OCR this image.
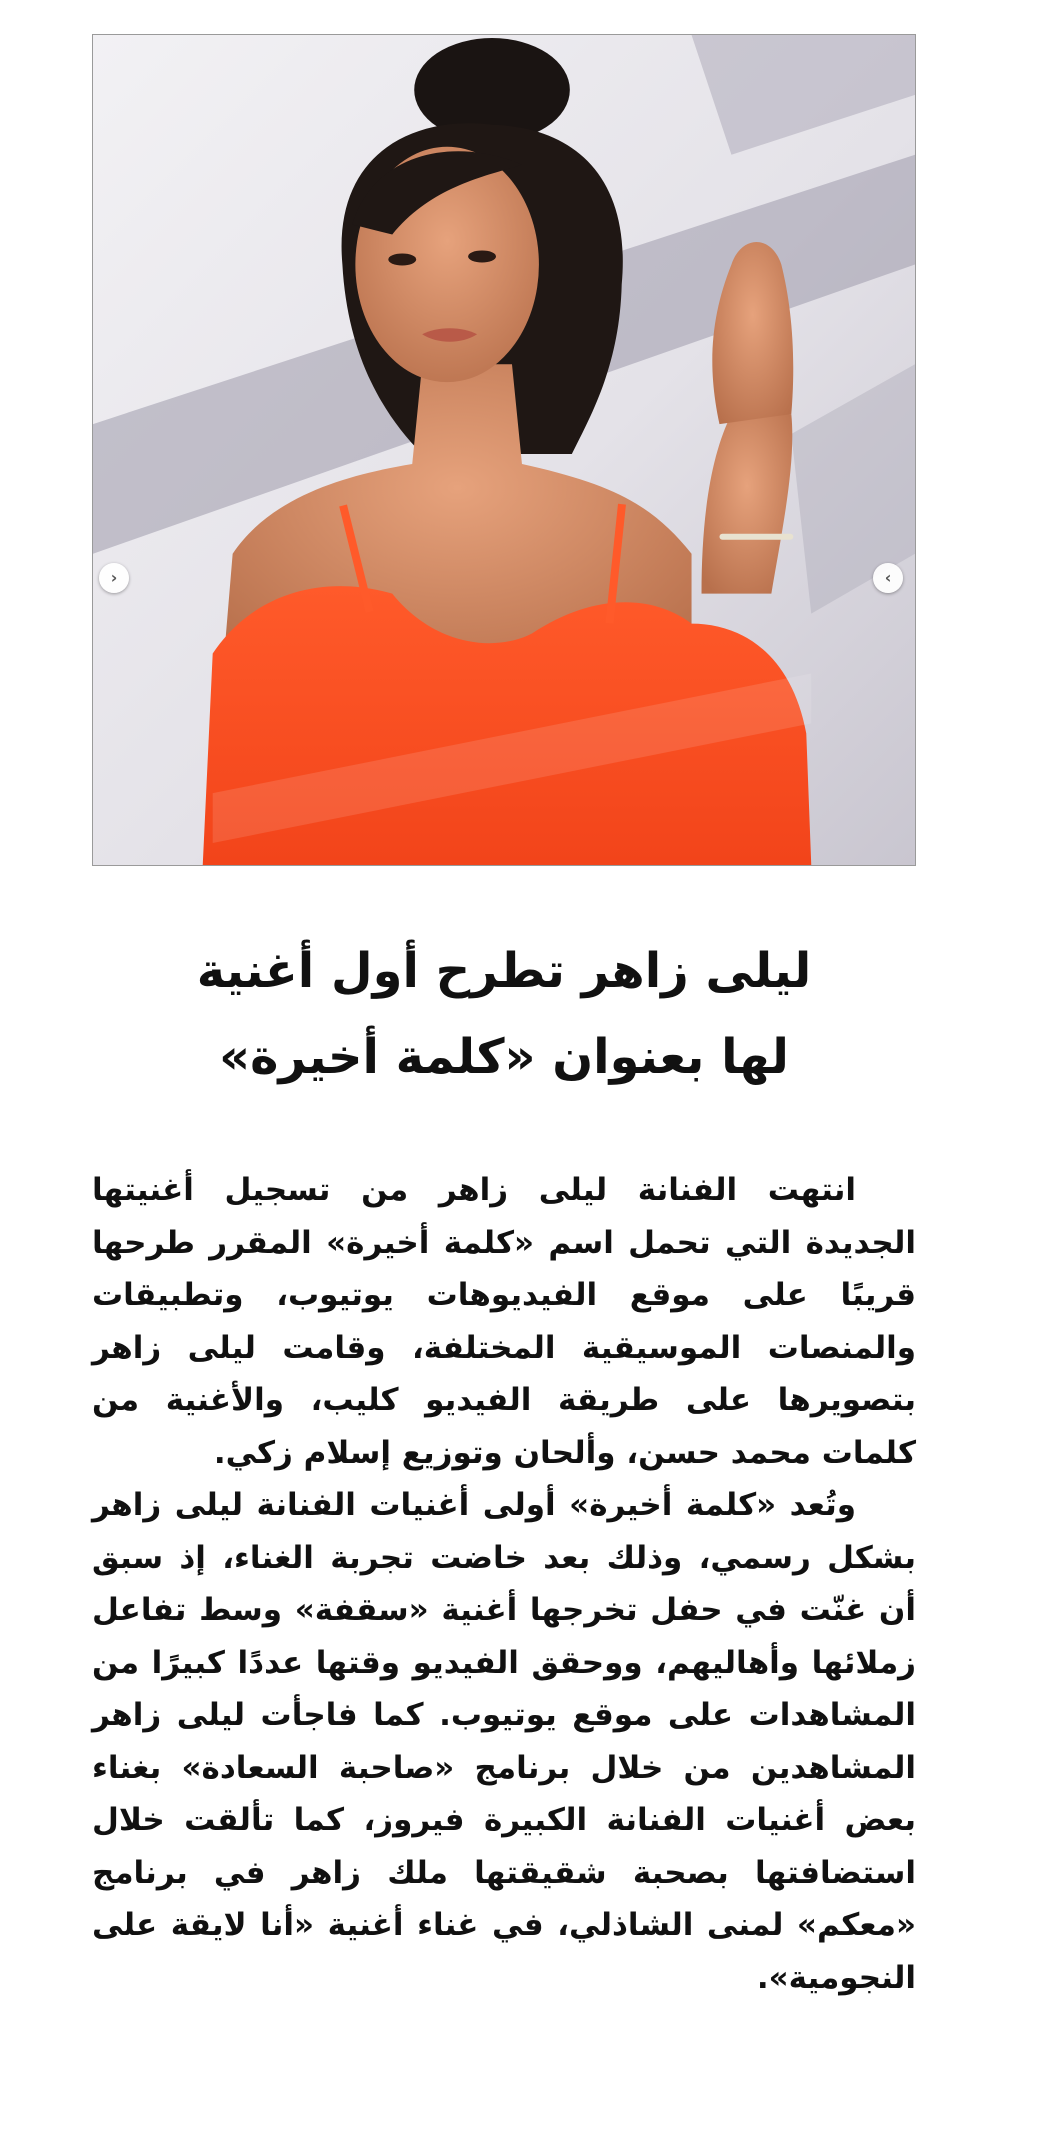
‹	›
ليلى زاهر تطرح أول أغنية
لها بعنوان «كلمة أخيرة»

انتهت الفنانة ليلى زاهر من تسجيل أغنيتها الجديدة التي تحمل اسم «كلمة أخيرة» المقرر طرحها قريبًا على موقع الفيديوهات يوتيوب، وتطبيقات والمنصات الموسيقية المختلفة، وقامت ليلى زاهر بتصويرها على طريقة الفيديو كليب، والأغنية من كلمات محمد حسن، وألحان وتوزيع إسلام زكي.

وتُعد «كلمة أخيرة» أولى أغنيات الفنانة ليلى زاهر بشكل رسمي، وذلك بعد خاضت تجربة الغناء، إذ سبق أن غنّت في حفل تخرجها أغنية «سقفة» وسط تفاعل زملائها وأهاليهم، ووحقق الفيديو وقتها عددًا كبيرًا من المشاهدات على موقع يوتيوب. كما فاجأت ليلى زاهر المشاهدين من خلال برنامج «صاحبة السعادة» بغناء بعض أغنيات الفنانة الكبيرة فيروز، كما تألقت خلال استضافتها بصحبة شقيقتها ملك زاهر في برنامج «معكم» لمنى الشاذلي، في غناء أغنية «أنا لايقة على النجومية».
